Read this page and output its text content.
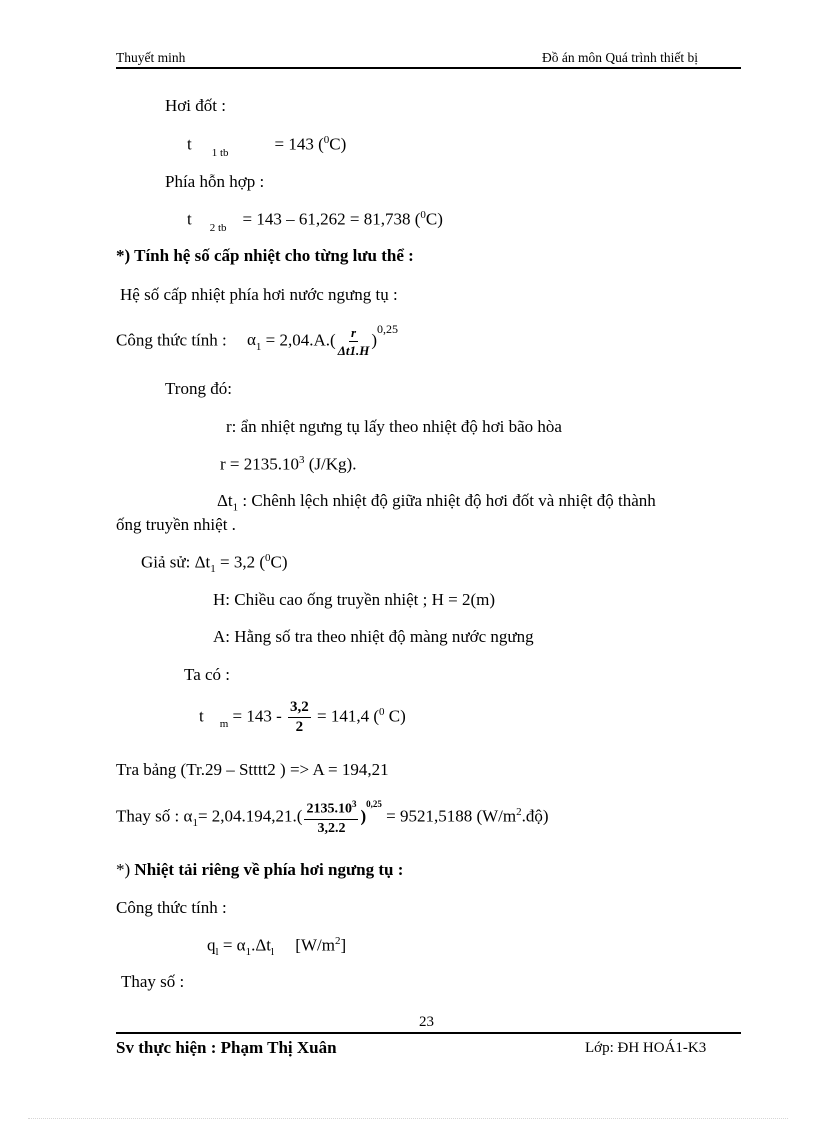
Thuyết minh	Đồ án môn Quá trình thiết bị
Hơi đốt :
t $_{1 tb}$	= 143 ($^0$C)
Phía hỗn hợp :
t $_{2 tb}$ = 143 – 61,262 = 81,738 ($^0$C)
*) Tính hệ số cấp nhiệt cho từng lưu thể :
Hệ số cấp nhiệt phía hơi nước ngưng tụ :
Công thức tính : $\alpha_1 = 2,04.A.( \frac{r}{\Delta t1.H} )^{0,25}$
Trong đó:
r: ẩn nhiệt ngưng tụ lấy theo nhiệt độ hơi bão hòa
$r = 2135.10^3$ (J/Kg).
$\Delta t_1$ : Chênh lệch nhiệt độ giữa nhiệt độ hơi đốt và nhiệt độ thành
ống truyền nhiệt .
Giả sử: $\Delta t_1 = 3,2$ ($^0$C)
H: Chiều cao ống truyền nhiệt ; H = 2(m)
A: Hằng số tra theo nhiệt độ màng nước ngưng
Ta có :
t $_m = 143 - \frac{3,2}{2} = 141,4$ ($^0$ C)
Tra bảng (Tr.29 – Stttt2 ) => A = 194,21
Thay số : $\alpha_1= 2,04.194,21.( \frac{2135.10^3}{3,2.2} )^{0,25} = 9521,5188$ $(W/m^2.độ)$
*) Nhiệt tải riêng về phía hơi ngưng tụ :
Công thức tính :
$q_l = \alpha_1.\Delta t_l$     $[W/m^2]$
Thay số :
23
Sv thực hiện : Phạm Thị Xuân	Lớp: ĐH HOÁ1-K3
